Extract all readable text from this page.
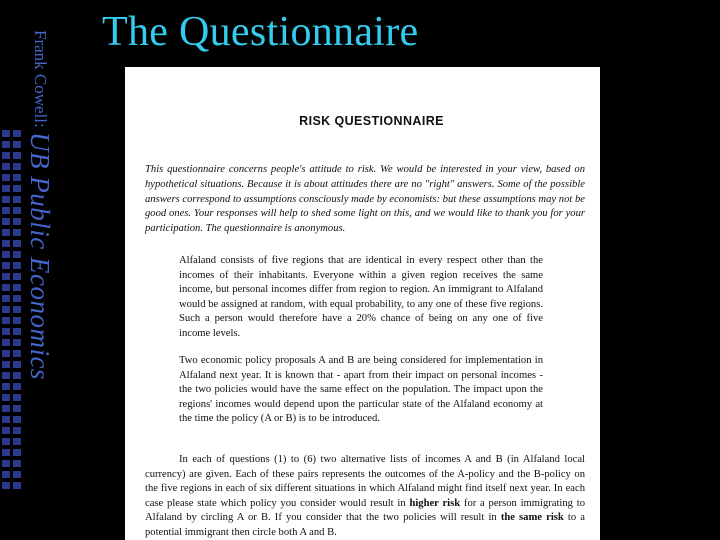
Frank Cowell: UB Public Economics
The Questionnaire
RISK QUESTIONNAIRE

This questionnaire concerns people's attitude to risk. We would be interested in your view, based on hypothetical situations. Because it is about attitudes there are no "right" answers. Some of the possible answers correspond to assumptions consciously made by economists: but these assumptions may not be good ones. Your responses will help to shed some light on this, and we would like to thank you for your participation. The questionnaire is anonymous.

Alfaland consists of five regions that are identical in every respect other than the incomes of their inhabitants. Everyone within a given region receives the same income, but personal incomes differ from region to region. An immigrant to Alfaland would be assigned at random, with equal probability, to any one of these five regions. Such a person would therefore have a 20% chance of being on any one of five income levels.

Two economic policy proposals A and B are being considered for implementation in Alfaland next year. It is known that - apart from their impact on personal incomes - the two policies would have the same effect on the population. The impact upon the regions' incomes would depend upon the particular state of the Alfaland economy at the time the policy (A or B) is to be introduced.

In each of questions (1) to (6) two alternative lists of incomes A and B (in Alfaland local currency) are given. Each of these pairs represents the outcomes of the A-policy and the B-policy on the five regions in each of six different situations in which Alfaland might find itself next year. In each case please state which policy you consider would result in higher risk for a person immigrating to Alfaland by circling A or B. If you consider that the two policies will result in the same risk to a potential immigrant then circle both A and B.
